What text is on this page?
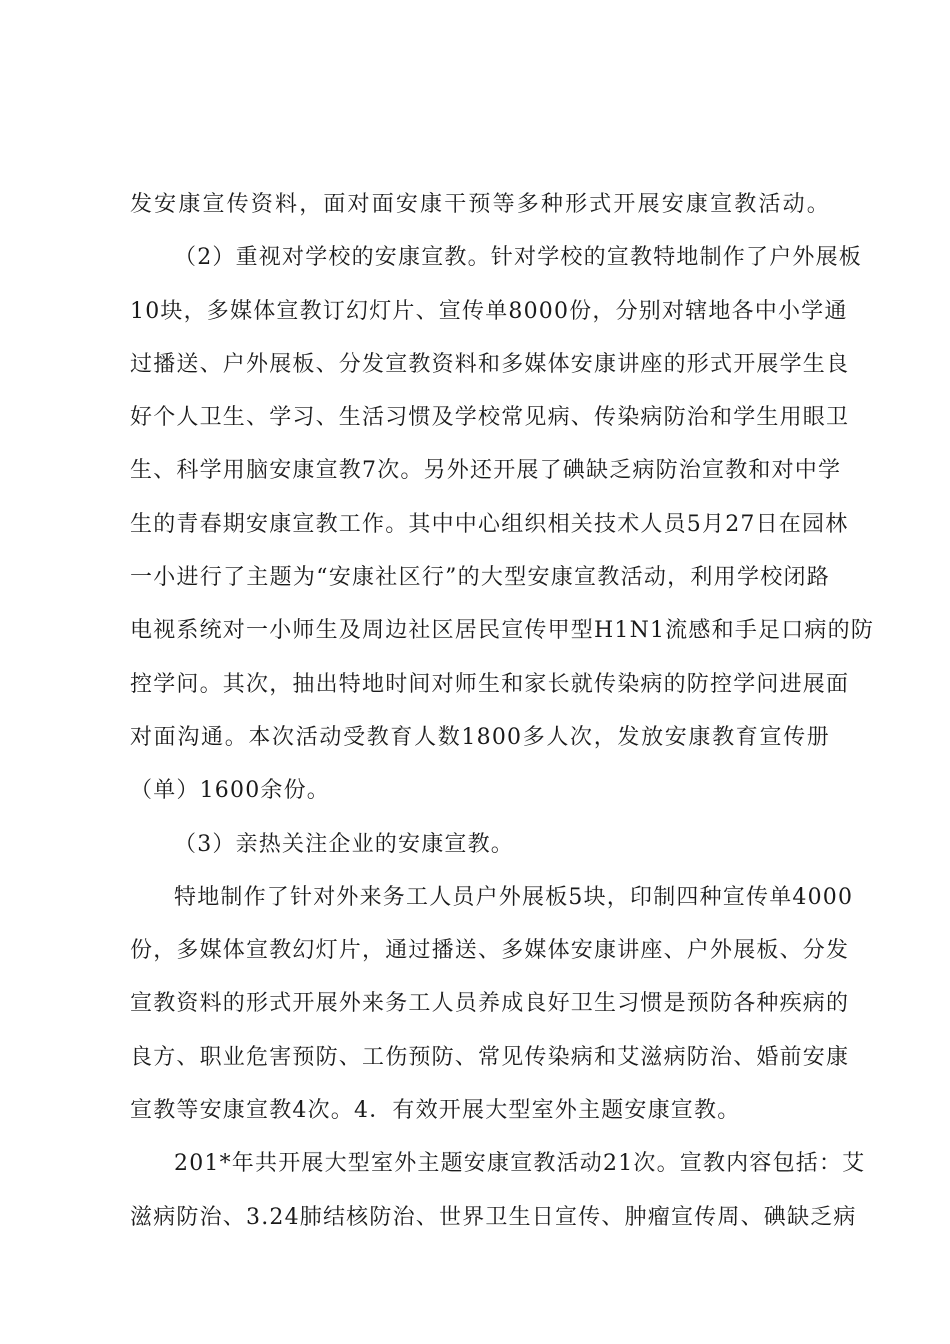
发安康宣传资料，面对面安康干预等多种形式开展安康宣教活动。
（2）重视对学校的安康宣教。针对学校的宣教特地制作了户外展板
10块，多媒体宣教订幻灯片、宣传单8000份，分别对辖地各中小学通
过播送、户外展板、分发宣教资料和多媒体安康讲座的形式开展学生良
好个人卫生、学习、生活习惯及学校常见病、传染病防治和学生用眼卫
生、科学用脑安康宣教7次。另外还开展了碘缺乏病防治宣教和对中学
生的青春期安康宣教工作。其中中心组织相关技术人员5月27日在园林
一小进行了主题为“安康社区行”的大型安康宣教活动，利用学校闭路
电视系统对一小师生及周边社区居民宣传甲型H1N1流感和手足口病的防
控学问。其次，抽出特地时间对师生和家长就传染病的防控学问进展面
对面沟通。本次活动受教育人数1800多人次，发放安康教育宣传册
（单）1600余份。
（3）亲热关注企业的安康宣教。
特地制作了针对外来务工人员户外展板5块，印制四种宣传单4000
份，多媒体宣教幻灯片，通过播送、多媒体安康讲座、户外展板、分发
宣教资料的形式开展外来务工人员养成良好卫生习惯是预防各种疾病的
良方、职业危害预防、工伤预防、常见传染病和艾滋病防治、婚前安康
宣教等安康宣教4次。4．有效开展大型室外主题安康宣教。
201*年共开展大型室外主题安康宣教活动21次。宣教内容包括：艾
滋病防治、3.24肺结核防治、世界卫生日宣传、肿瘤宣传周、碘缺乏病
